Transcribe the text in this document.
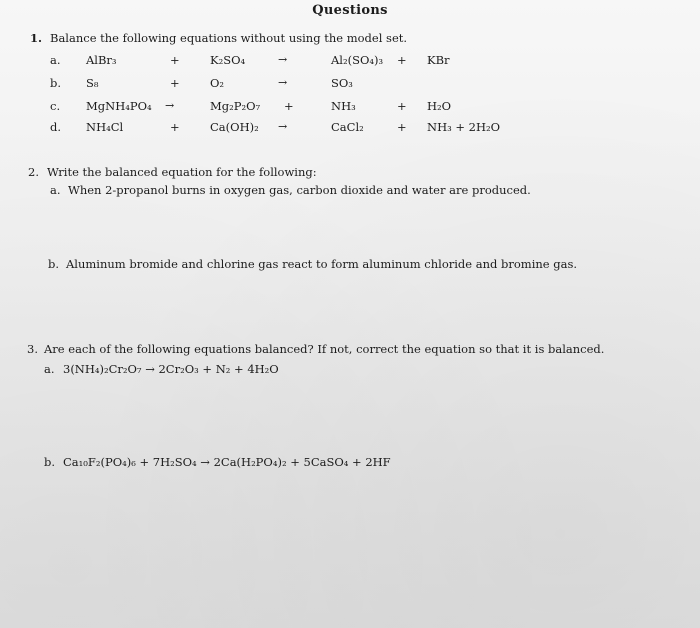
Questions
1. Balance the following equations without using the model set.
a. AlBr₃	+	K₂SO₄	→	Al₂(SO₄)₃ + KBr
b. S₈	+	O₂	→	SO₃
c. MgNH₄PO₄ →	Mg₂P₂O₇ +	NH₃	+ H₂O
d. NH₄Cl	+	Ca(OH)₂ →	CaCl₂	+ NH₃ + 2H₂O
2. Write the balanced equation for the following:
a. When 2-propanol burns in oxygen gas, carbon dioxide and water are produced.
b. Aluminum bromide and chlorine gas react to form aluminum chloride and bromine gas.
3. Are each of the following equations balanced? If not, correct the equation so that it is balanced.
a. 3(NH₄)₂Cr₂O₇ → 2Cr₂O₃ + N₂ + 4H₂O
b. Ca₁₀F₂(PO₄)₆ + 7H₂SO₄ → 2Ca(H₂PO₄)₂ + 5CaSO₄ + 2HF
